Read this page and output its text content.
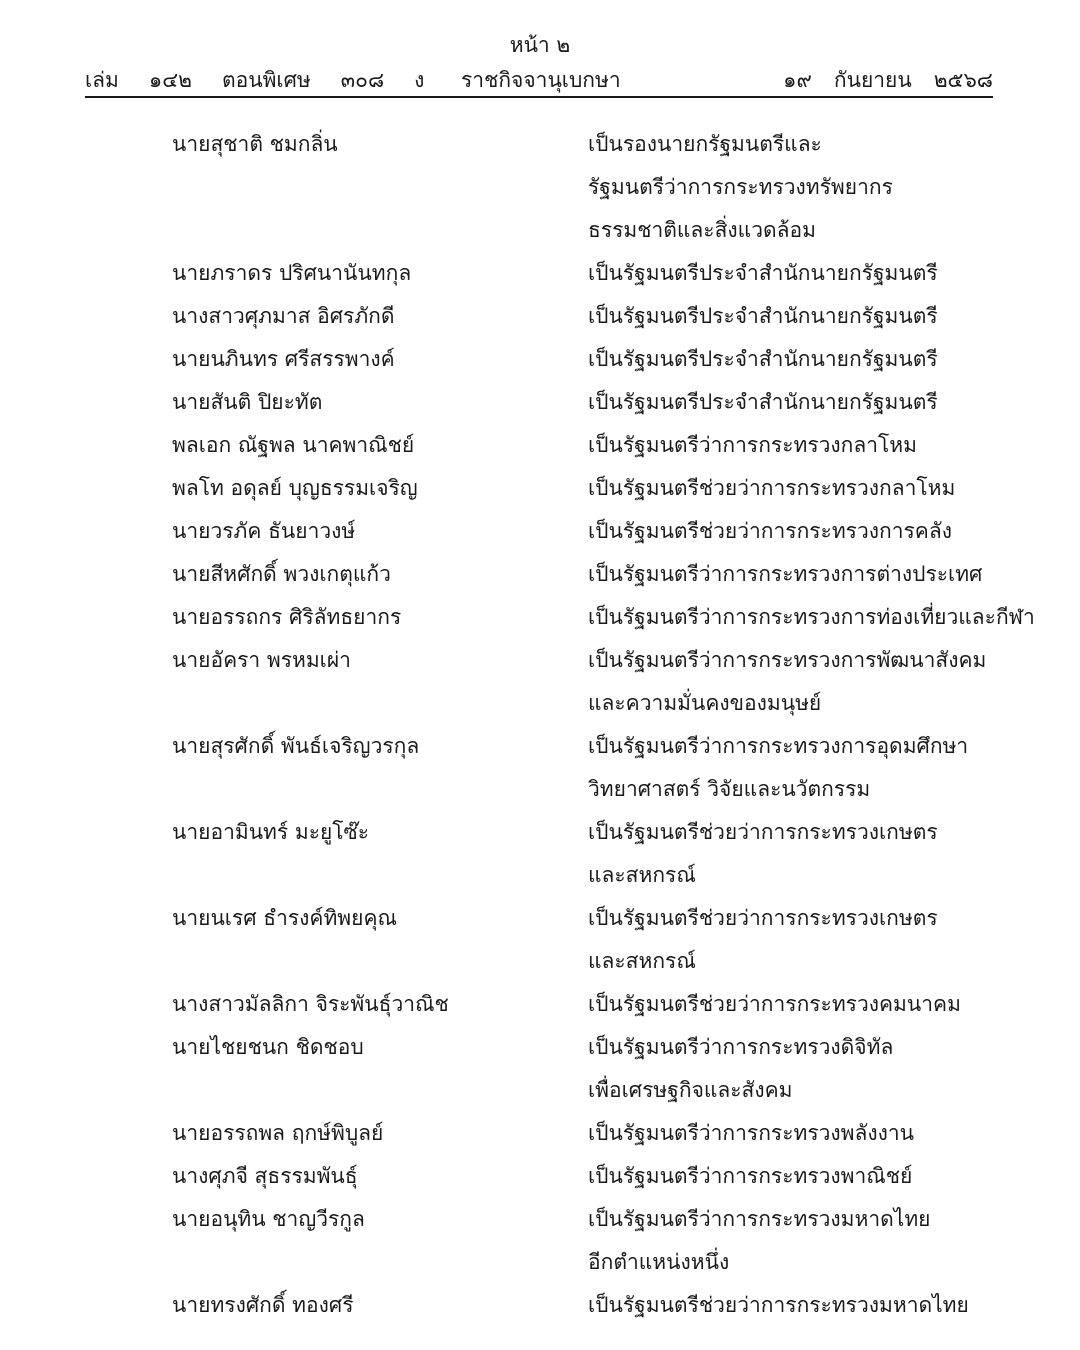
หน้า ๒
เล่ม ๑๔๒ ตอนพิเศษ ๓๐๘ ง	ราชกิจจานุเบกษา	๑๙ กันยายน ๒๕๖๘
นายสุชาติ ชมกลิ่น	เป็นรองนายกรัฐมนตรีและ
รัฐมนตรีว่าการกระทรวงทรัพยากร
ธรรมชาติและสิ่งแวดล้อม
นายภราดร ปริศนานันทกุล	เป็นรัฐมนตรีประจำสำนักนายกรัฐมนตรี
นางสาวศุภมาส อิศรภักดี	เป็นรัฐมนตรีประจำสำนักนายกรัฐมนตรี
นายนภินทร ศรีสรรพางค์	เป็นรัฐมนตรีประจำสำนักนายกรัฐมนตรี
นายสันติ ปิยะทัต	เป็นรัฐมนตรีประจำสำนักนายกรัฐมนตรี
พลเอก ณัฐพล นาคพาณิชย์	เป็นรัฐมนตรีว่าการกระทรวงกลาโหม
พลโท อดุลย์ บุญธรรมเจริญ	เป็นรัฐมนตรีช่วยว่าการกระทรวงกลาโหม
นายวรภัค ธันยาวงษ์	เป็นรัฐมนตรีช่วยว่าการกระทรวงการคลัง
นายสีหศักดิ์ พวงเกตุแก้ว	เป็นรัฐมนตรีว่าการกระทรวงการต่างประเทศ
นายอรรถกร ศิริลัทธยากร	เป็นรัฐมนตรีว่าการกระทรวงการท่องเที่ยวและกีฬา
นายอัครา พรหมเผ่า	เป็นรัฐมนตรีว่าการกระทรวงการพัฒนาสังคม
และความมั่นคงของมนุษย์
นายสุรศักดิ์ พันธ์เจริญวรกุล	เป็นรัฐมนตรีว่าการกระทรวงการอุดมศึกษา
วิทยาศาสตร์ วิจัยและนวัตกรรม
นายอามินทร์ มะยูโซ๊ะ	เป็นรัฐมนตรีช่วยว่าการกระทรวงเกษตร
และสหกรณ์
นายนเรศ ธำรงค์ทิพยคุณ	เป็นรัฐมนตรีช่วยว่าการกระทรวงเกษตร
และสหกรณ์
นางสาวมัลลิกา จิระพันธุ์วาณิช	เป็นรัฐมนตรีช่วยว่าการกระทรวงคมนาคม
นายไชยชนก ชิดชอบ	เป็นรัฐมนตรีว่าการกระทรวงดิจิทัล
เพื่อเศรษฐกิจและสังคม
นายอรรถพล ฤกษ์พิบูลย์	เป็นรัฐมนตรีว่าการกระทรวงพลังงาน
นางศุภจี สุธรรมพันธุ์	เป็นรัฐมนตรีว่าการกระทรวงพาณิชย์
นายอนุทิน ชาญวีรกูล	เป็นรัฐมนตรีว่าการกระทรวงมหาดไทย
อีกตำแหน่งหนึ่ง
นายทรงศักดิ์ ทองศรี	เป็นรัฐมนตรีช่วยว่าการกระทรวงมหาดไทย
